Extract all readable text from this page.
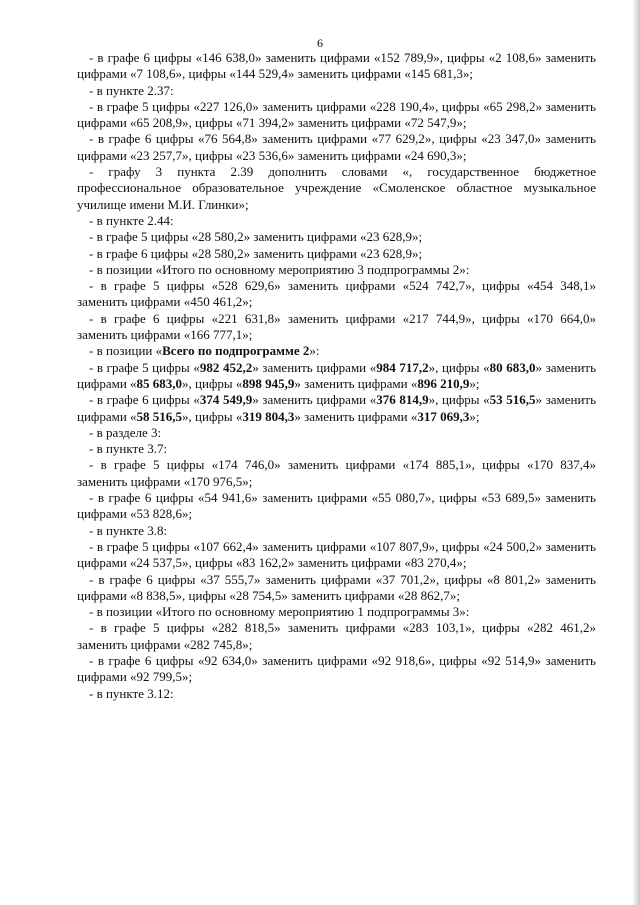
6

- в графе 6 цифры «146 638,0» заменить цифрами «152 789,9», цифры «2 108,6» заменить цифрами «7 108,6», цифры «144 529,4» заменить цифрами «145 681,3»;

- в пункте 2.37:

- в графе 5 цифры «227 126,0» заменить цифрами «228 190,4», цифры «65 298,2» заменить цифрами «65 208,9», цифры «71 394,2» заменить цифрами «72 547,9»;

- в графе 6 цифры «76 564,8» заменить цифрами «77 629,2», цифры «23 347,0» заменить цифрами «23 257,7», цифры «23 536,6» заменить цифрами «24 690,3»;

- графу 3 пункта 2.39 дополнить словами «, государственное бюджетное профессиональное образовательное учреждение «Смоленское областное музыкальное училище имени М.И. Глинки»;

- в пункте 2.44:

- в графе 5 цифры «28 580,2» заменить цифрами «23 628,9»;

- в графе 6 цифры «28 580,2» заменить цифрами «23 628,9»;

- в позиции «Итого по основному мероприятию 3 подпрограммы 2»:

- в графе 5 цифры «528 629,6» заменить цифрами «524 742,7», цифры «454 348,1» заменить цифрами «450 461,2»;

- в графе 6 цифры «221 631,8» заменить цифрами «217 744,9», цифры «170 664,0» заменить цифрами «166 777,1»;

- в позиции «Всего по подпрограмме 2»:

- в графе 5 цифры «982 452,2» заменить цифрами «984 717,2», цифры «80 683,0» заменить цифрами «85 683,0», цифры «898 945,9» заменить цифрами «896 210,9»;

- в графе 6 цифры «374 549,9» заменить цифрами «376 814,9», цифры «53 516,5» заменить цифрами «58 516,5», цифры «319 804,3» заменить цифрами «317 069,3»;

- в разделе 3:

- в пункте 3.7:

- в графе 5 цифры «174 746,0» заменить цифрами «174 885,1», цифры «170 837,4» заменить цифрами «170 976,5»;

- в графе 6 цифры «54 941,6» заменить цифрами «55 080,7», цифры «53 689,5» заменить цифрами «53 828,6»;

- в пункте 3.8:

- в графе 5 цифры «107 662,4» заменить цифрами «107 807,9», цифры «24 500,2» заменить цифрами «24 537,5», цифры «83 162,2» заменить цифрами «83 270,4»;

- в графе 6 цифры «37 555,7» заменить цифрами «37 701,2», цифры «8 801,2» заменить цифрами «8 838,5», цифры «28 754,5» заменить цифрами «28 862,7»;

- в позиции «Итого по основному мероприятию 1 подпрограммы 3»:

- в графе 5 цифры «282 818,5» заменить цифрами «283 103,1», цифры «282 461,2» заменить цифрами «282 745,8»;

- в графе 6 цифры «92 634,0» заменить цифрами «92 918,6», цифры «92 514,9» заменить цифрами «92 799,5»;

- в пункте 3.12:
